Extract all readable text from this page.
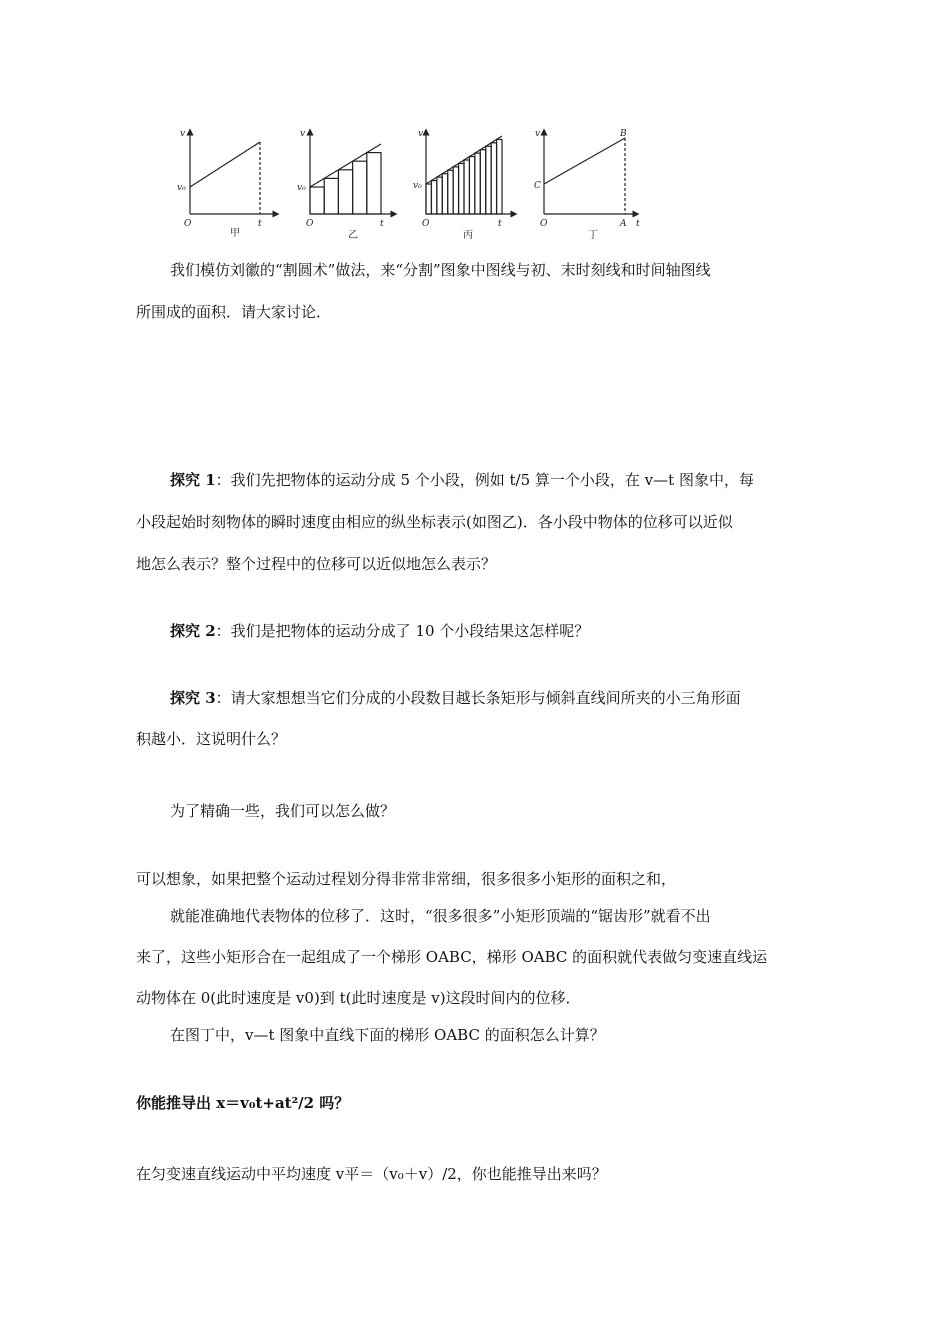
v
v₀
O	t
v
v₀
O	t
v
v₀
O	t
v
C
B
O	A t
甲	乙	丙	丁

我们模仿刘徽的“割圆术”做法，来“分割”图象中图线与初、末时刻线和时间轴图线

所围成的面积．请大家讨论．

探究 1：我们先把物体的运动分成 5 个小段，例如 t/5 算一个小段，在 v—t 图象中，每

小段起始时刻物体的瞬时速度由相应的纵坐标表示(如图乙)．各小段中物体的位移可以近似

地怎么表示？整个过程中的位移可以近似地怎么表示？

探究 2：我们是把物体的运动分成了 10 个小段结果这怎样呢？

探究 3：请大家想想当它们分成的小段数目越长条矩形与倾斜直线间所夹的小三角形面

积越小．这说明什么？

为了精确一些，我们可以怎么做？

可以想象，如果把整个运动过程划分得非常非常细，很多很多小矩形的面积之和，

就能准确地代表物体的位移了．这时，“很多很多”小矩形顶端的“锯齿形”就看不出

来了，这些小矩形合在一起组成了一个梯形 OABC，梯形 OABC 的面积就代表做匀变速直线运

动物体在 0(此时速度是 v0)到 t(此时速度是 v)这段时间内的位移．

在图丁中，v—t 图象中直线下面的梯形 OABC 的面积怎么计算？

你能推导出 x＝v₀t+at²/2 吗？

在匀变速直线运动中平均速度 v平＝（v₀＋v）/2，你也能推导出来吗？
